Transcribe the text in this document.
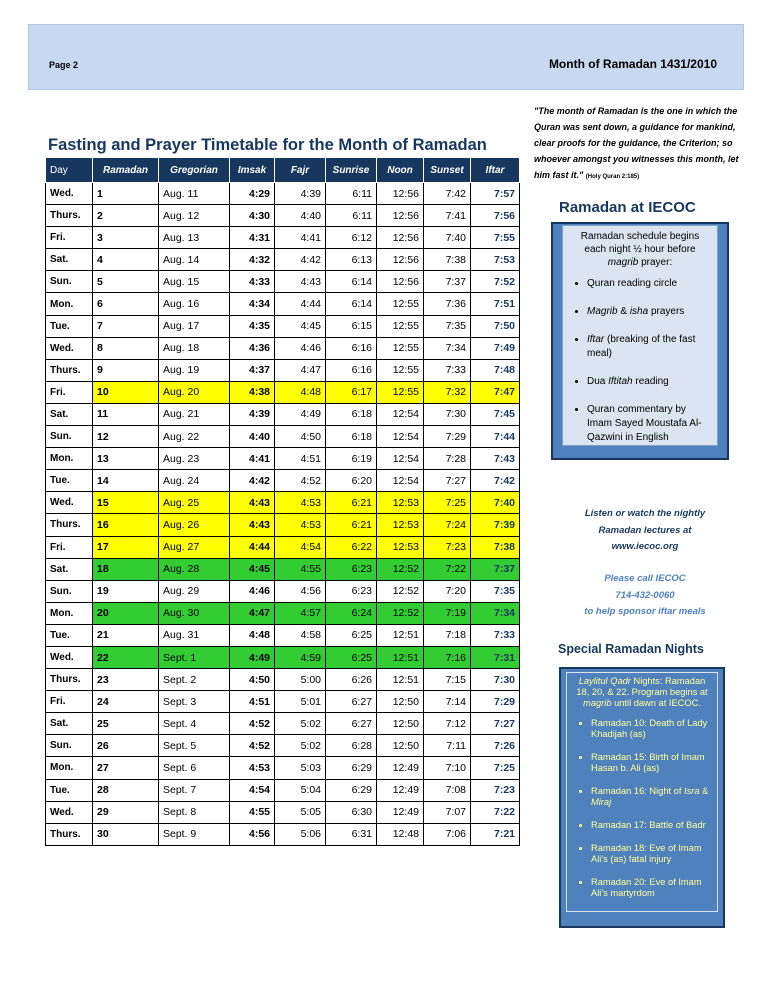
Page 2	Month of Ramadan 1431/2010
Fasting and Prayer Timetable for the Month of Ramadan
Day	Ramadan	Gregorian	Imsak	Fajr	Sunrise	Noon	Sunset	Iftar
Wed.	1	Aug. 11	4:29	4:39	6:11	12:56	7:42	7:57
Thurs.	2	Aug. 12	4:30	4:40	6:11	12:56	7:41	7:56
Fri.	3	Aug. 13	4:31	4:41	6:12	12:56	7:40	7:55
Sat.	4	Aug. 14	4:32	4:42	6:13	12:56	7:38	7:53
Sun.	5	Aug. 15	4:33	4:43	6:14	12:56	7:37	7:52
Mon.	6	Aug. 16	4:34	4:44	6:14	12:55	7:36	7:51
Tue.	7	Aug. 17	4:35	4:45	6:15	12:55	7:35	7:50
Wed.	8	Aug. 18	4:36	4:46	6:16	12:55	7:34	7:49
Thurs.	9	Aug. 19	4:37	4:47	6:16	12:55	7:33	7:48
Fri.	10	Aug. 20	4:38	4:48	6:17	12:55	7:32	7:47
Sat.	11	Aug. 21	4:39	4:49	6:18	12:54	7:30	7:45
Sun.	12	Aug. 22	4:40	4:50	6:18	12:54	7:29	7:44
Mon.	13	Aug. 23	4:41	4:51	6:19	12:54	7:28	7:43
Tue.	14	Aug. 24	4:42	4:52	6:20	12:54	7:27	7:42
Wed.	15	Aug. 25	4:43	4:53	6:21	12:53	7:25	7:40
Thurs.	16	Aug. 26	4:43	4:53	6:21	12:53	7:24	7:39
Fri.	17	Aug. 27	4:44	4:54	6:22	12:53	7:23	7:38
Sat.	18	Aug. 28	4:45	4:55	6:23	12:52	7:22	7:37
Sun.	19	Aug. 29	4:46	4:56	6:23	12:52	7:20	7:35
Mon.	20	Aug. 30	4:47	4:57	6:24	12:52	7:19	7:34
Tue.	21	Aug. 31	4:48	4:58	6:25	12:51	7:18	7:33
Wed.	22	Sept. 1	4:49	4:59	6:25	12:51	7:16	7:31
Thurs.	23	Sept. 2	4:50	5:00	6:26	12:51	7:15	7:30
Fri.	24	Sept. 3	4:51	5:01	6:27	12:50	7:14	7:29
Sat.	25	Sept. 4	4:52	5:02	6:27	12:50	7:12	7:27
Sun.	26	Sept. 5	4:52	5:02	6:28	12:50	7:11	7:26
Mon.	27	Sept. 6	4:53	5:03	6:29	12:49	7:10	7:25
Tue.	28	Sept. 7	4:54	5:04	6:29	12:49	7:08	7:23
Wed.	29	Sept. 8	4:55	5:05	6:30	12:49	7:07	7:22
Thurs.	30	Sept. 9	4:56	5:06	6:31	12:48	7:06	7:21
"The month of Ramadan is the one in which the Quran was sent down, a guidance for mankind, clear proofs for the guidance, the Criterion; so whoever amongst you witnesses this month, let him fast it." (Holy Quran 2:185)
Ramadan at IECOC
Ramadan schedule begins each night ½ hour before magrib prayer:
• Quran reading circle
• Magrib & isha prayers
• Iftar (breaking of the fast meal)
• Dua Iftitah reading
• Quran commentary by Imam Sayed Moustafa Al-Qazwini in English
Listen or watch the nightly
Ramadan lectures at
www.iecoc.org
Please call IECOC
714-432-0060
to help sponsor iftar meals
Special Ramadan Nights
Laylitul Qadr Nights: Ramadan 18, 20, & 22. Program begins at magrib until dawn at IECOC.
• Ramadan 10: Death of Lady Khadijah (as)
• Ramadan 15: Birth of Imam Hasan b. Ali (as)
• Ramadan 16: Night of Isra & Miraj
• Ramadan 17: Battle of Badr
• Ramadan 18: Eve of Imam Ali's (as) fatal injury
• Ramadan 20: Eve of Imam Ali's martyrdom
